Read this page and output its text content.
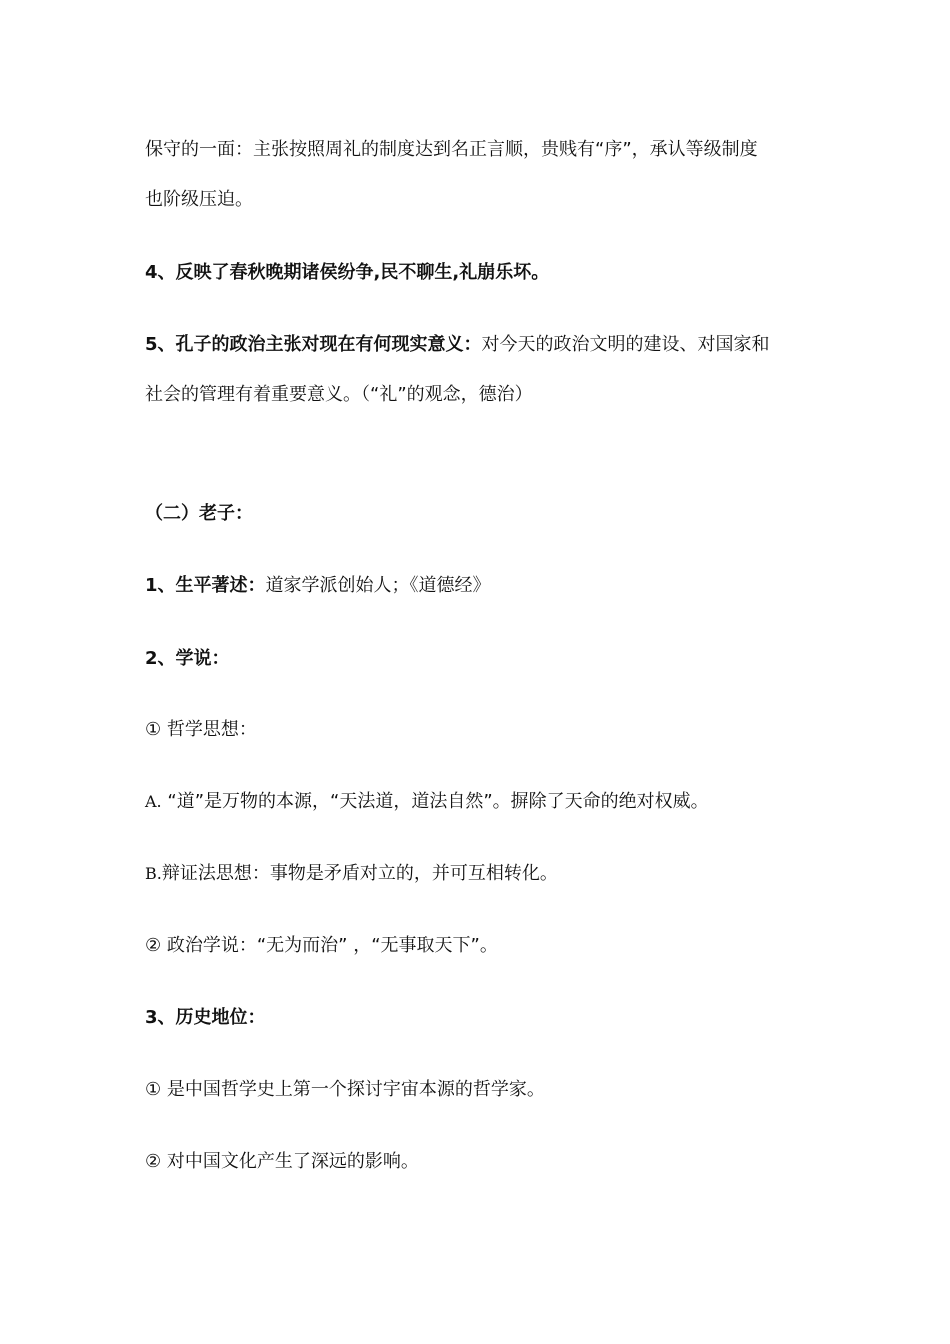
保守的一面：主张按照周礼的制度达到名正言顺，贵贱有“序”，承认等级制度
也阶级压迫。
4、反映了春秋晚期诸侯纷争,民不聊生,礼崩乐坏。
5、孔子的政治主张对现在有何现实意义：对今天的政治文明的建设、对国家和
社会的管理有着重要意义。（“礼”的观念，德治）
（二）老子：
1、生平著述：道家学派创始人；《道德经》
2、学说：
① 哲学思想：
A. “道”是万物的本源，“天法道，道法自然”。摒除了天命的绝对权威。
B.辩证法思想：事物是矛盾对立的，并可互相转化。
② 政治学说：“无为而治” ，“无事取天下”。
3、历史地位：
① 是中国哲学史上第一个探讨宇宙本源的哲学家。
② 对中国文化产生了深远的影响。
